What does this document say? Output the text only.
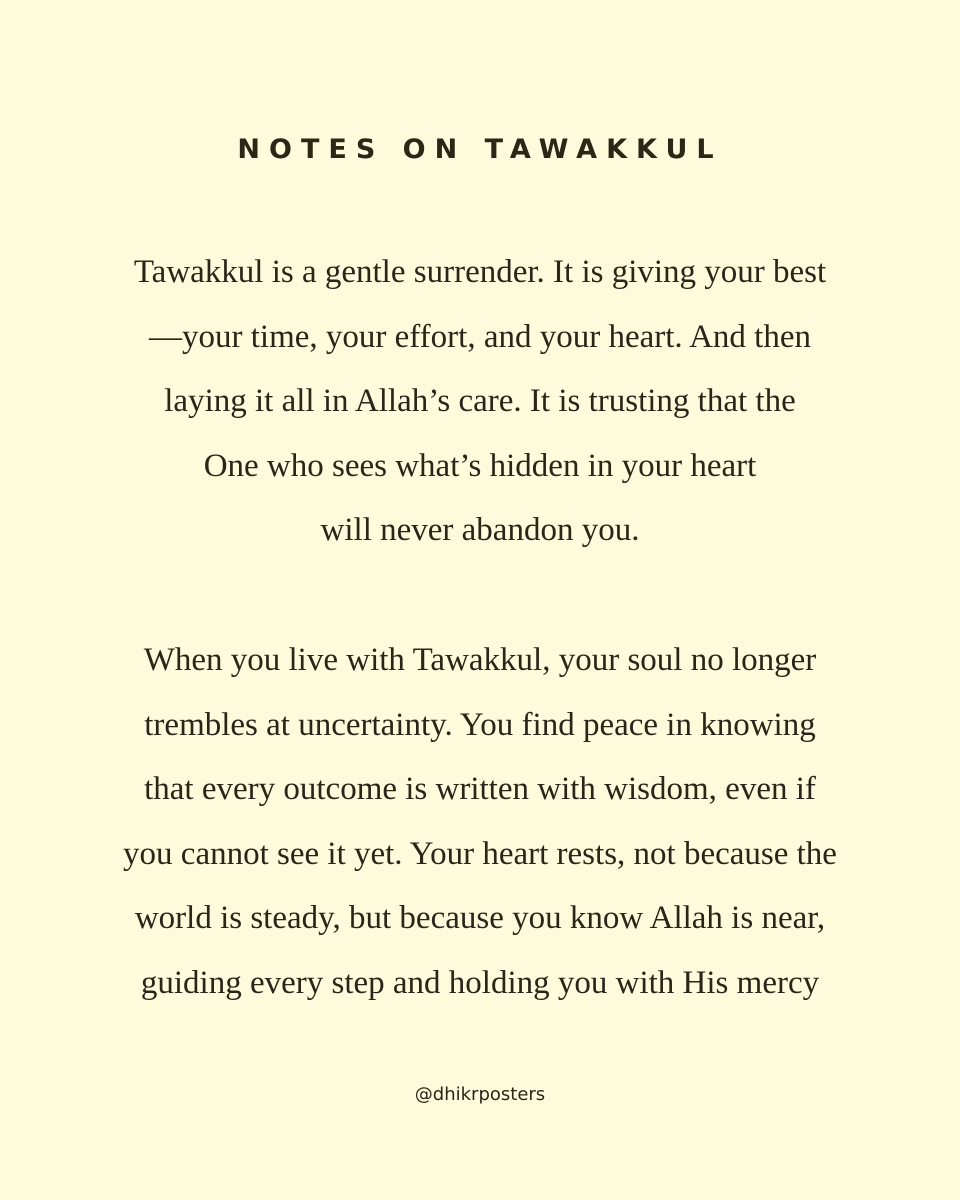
NOTES ON TAWAKKUL
Tawakkul is a gentle surrender. It is giving your best
—your time, your effort, and your heart. And then
laying it all in Allah’s care. It is trusting that the
One who sees what’s hidden in your heart
will never abandon you.
When you live with Tawakkul, your soul no longer
trembles at uncertainty. You find peace in knowing
that every outcome is written with wisdom, even if
you cannot see it yet. Your heart rests, not because the
world is steady, but because you know Allah is near,
guiding every step and holding you with His mercy
@dhikrposters
